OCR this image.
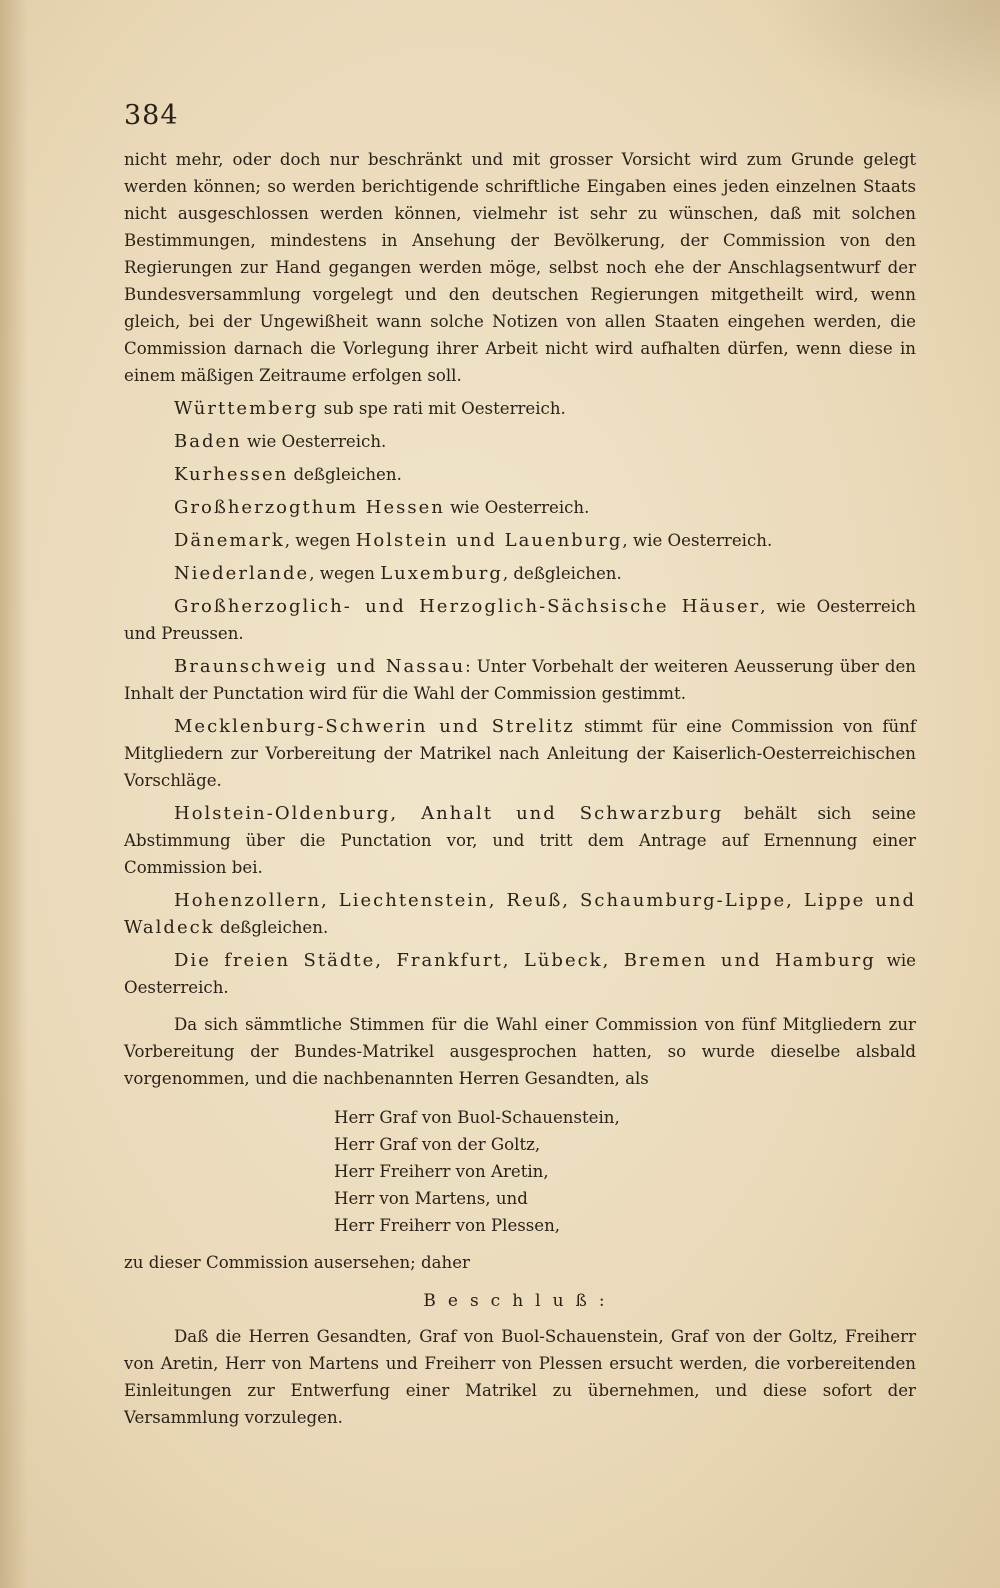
384

nicht mehr, oder doch nur beschränkt und mit grosser Vorsicht wird zum Grunde gelegt werden können; so werden berichtigende schriftliche Eingaben eines jeden einzelnen Staats nicht ausgeschlossen werden können, vielmehr ist sehr zu wünschen, daß mit solchen Bestimmungen, mindestens in Ansehung der Bevölkerung, der Commission von den Regierungen zur Hand gegangen werden möge, selbst noch ehe der Anschlagsentwurf der Bundesversammlung vorgelegt und den deutschen Regierungen mitgetheilt wird, wenn gleich, bei der Ungewißheit wann solche Notizen von allen Staaten eingehen werden, die Commission darnach die Vorlegung ihrer Arbeit nicht wird aufhalten dürfen, wenn diese in einem mäßigen Zeitraume erfolgen soll.

Württemberg sub spe rati mit Oesterreich.

Baden wie Oesterreich.

Kurhessen deßgleichen.

Großherzogthum Hessen wie Oesterreich.

Dänemark, wegen Holstein und Lauenburg, wie Oesterreich.

Niederlande, wegen Luxemburg, deßgleichen.

Großherzoglich- und Herzoglich-Sächsische Häuser, wie Oesterreich und Preussen.

Braunschweig und Nassau: Unter Vorbehalt der weiteren Aeusserung über den Inhalt der Punctation wird für die Wahl der Commission gestimmt.

Mecklenburg-Schwerin und Strelitz stimmt für eine Commission von fünf Mitgliedern zur Vorbereitung der Matrikel nach Anleitung der Kaiserlich-Oesterreichischen Vorschläge.

Holstein-Oldenburg, Anhalt und Schwarzburg behält sich seine Abstimmung über die Punctation vor, und tritt dem Antrage auf Ernennung einer Commission bei.

Hohenzollern, Liechtenstein, Reuß, Schaumburg-Lippe, Lippe und Waldeck deßgleichen.

Die freien Städte, Frankfurt, Lübeck, Bremen und Hamburg wie Oesterreich.

Da sich sämmtliche Stimmen für die Wahl einer Commission von fünf Mitgliedern zur Vorbereitung der Bundes-Matrikel ausgesprochen hatten, so wurde dieselbe alsbald vorgenommen, und die nachbenannten Herren Gesandten, als

Herr Graf von Buol-Schauenstein,
Herr Graf von der Goltz,
Herr Freiherr von Aretin,
Herr von Martens, und
Herr Freiherr von Plessen,

zu dieser Commission ausersehen; daher

Beschluß:

Daß die Herren Gesandten, Graf von Buol-Schauenstein, Graf von der Goltz, Freiherr von Aretin, Herr von Martens und Freiherr von Plessen ersucht werden, die vorbereitenden Einleitungen zur Entwerfung einer Matrikel zu übernehmen, und diese sofort der Versammlung vorzulegen.
